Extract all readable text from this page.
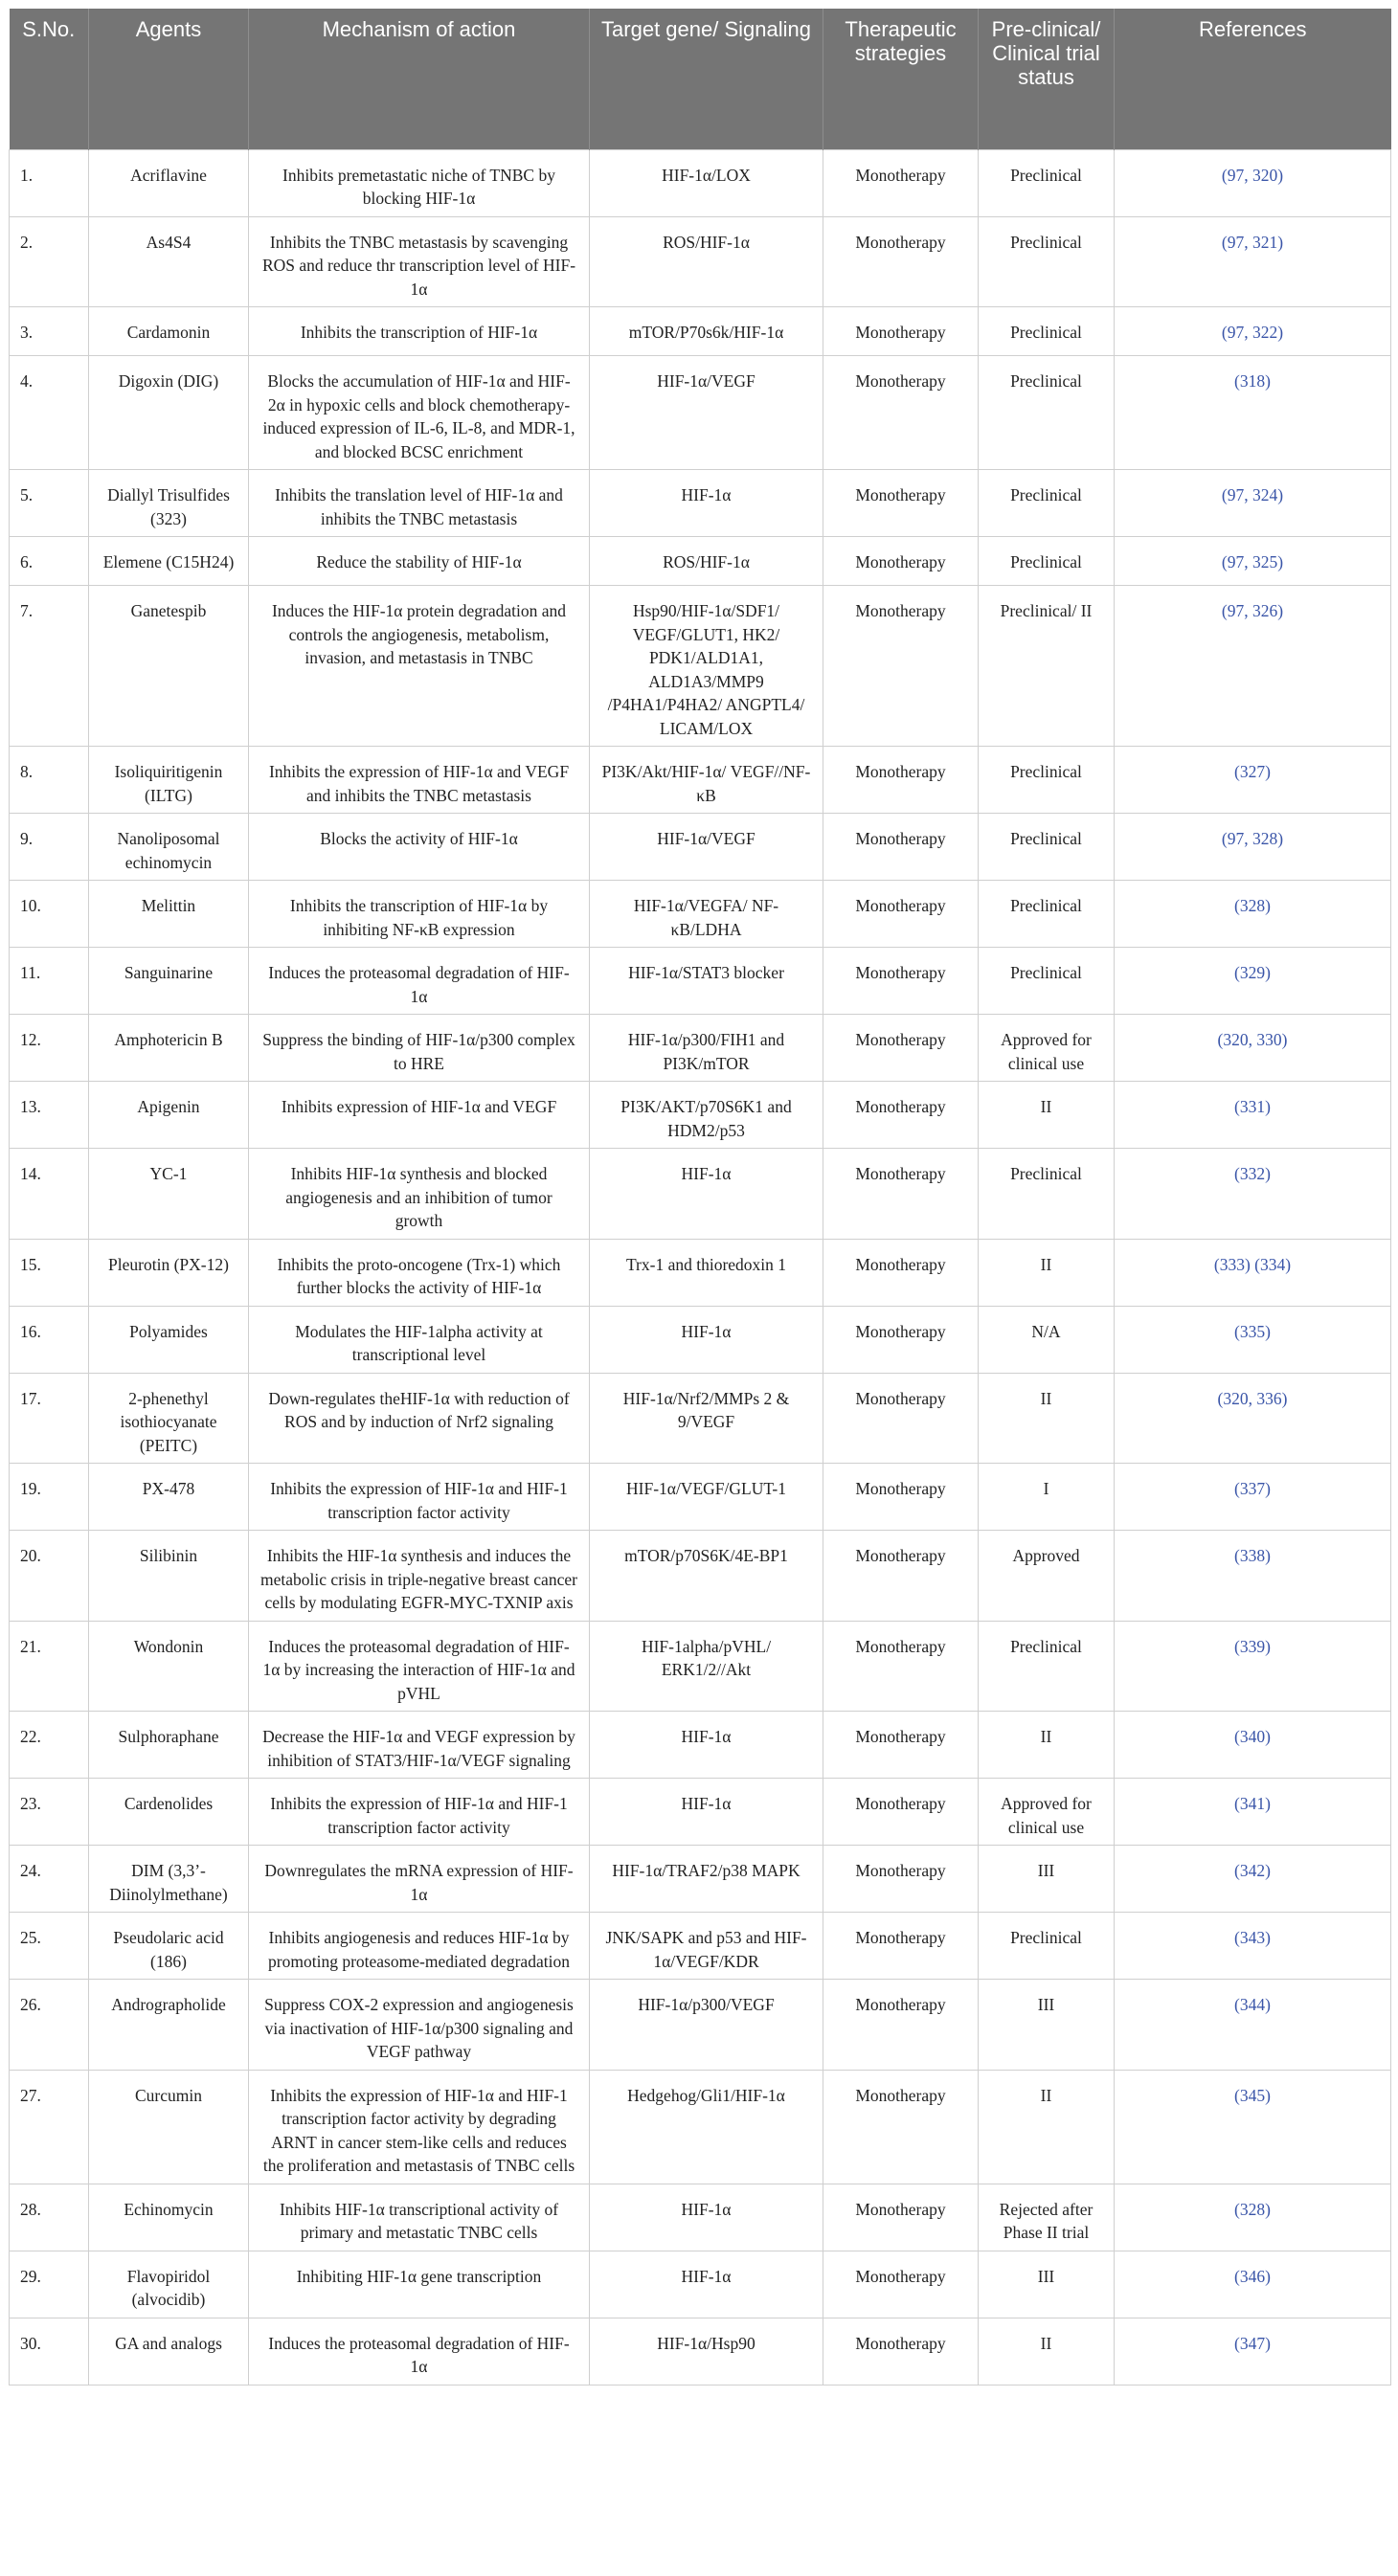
S.No.	Agents	Mechanism of action	Target gene/ Signaling	Therapeutic strategies	Pre-clinical/ Clinical trial status	References
1.	Acriflavine	Inhibits premetastatic niche of TNBC by blocking HIF-1α	HIF-1α/LOX	Monotherapy	Preclinical	(97, 320)
2.	As4S4	Inhibits the TNBC metastasis by scavenging ROS and reduce thr transcription level of HIF-1α	ROS/HIF-1α	Monotherapy	Preclinical	(97, 321)
3.	Cardamonin	Inhibits the transcription of HIF-1α	mTOR/P70s6k/HIF-1α	Monotherapy	Preclinical	(97, 322)
4.	Digoxin (DIG)	Blocks the accumulation of HIF-1α and HIF-2α in hypoxic cells and block chemotherapy-induced expression of IL-6, IL-8, and MDR-1, and blocked BCSC enrichment	HIF-1α/VEGF	Monotherapy	Preclinical	(318)
5.	Diallyl Trisulfides (323)	Inhibits the translation level of HIF-1α and inhibits the TNBC metastasis	HIF-1α	Monotherapy	Preclinical	(97, 324)
6.	Elemene (C15H24)	Reduce the stability of HIF-1α	ROS/HIF-1α	Monotherapy	Preclinical	(97, 325)
7.	Ganetespib	Induces the HIF-1α protein degradation and controls the angiogenesis, metabolism, invasion, and metastasis in TNBC	Hsp90/HIF-1α/SDF1/ VEGF/GLUT1, HK2/ PDK1/ALD1A1, ALD1A3/MMP9 /P4HA1/P4HA2/ ANGPTL4/ LICAM/LOX	Monotherapy	Preclinical/ II	(97, 326)
8.	Isoliquiritigenin (ILTG)	Inhibits the expression of HIF-1α and VEGF and inhibits the TNBC metastasis	PI3K/Akt/HIF-1α/ VEGF//NF-κB	Monotherapy	Preclinical	(327)
9.	Nanoliposomal echinomycin	Blocks the activity of HIF-1α	HIF-1α/VEGF	Monotherapy	Preclinical	(97, 328)
10.	Melittin	Inhibits the transcription of HIF-1α by inhibiting NF-κB expression	HIF-1α/VEGFA/ NF-κB/LDHA	Monotherapy	Preclinical	(328)
11.	Sanguinarine	Induces the proteasomal degradation of HIF-1α	HIF-1α/STAT3 blocker	Monotherapy	Preclinical	(329)
12.	Amphotericin B	Suppress the binding of HIF-1α/p300 complex to HRE	HIF-1α/p300/FIH1 and PI3K/mTOR	Monotherapy	Approved for clinical use	(320, 330)
13.	Apigenin	Inhibits expression of HIF-1α and VEGF	PI3K/AKT/p70S6K1 and HDM2/p53	Monotherapy	II	(331)
14.	YC-1	Inhibits HIF-1α synthesis and blocked angiogenesis and an inhibition of tumor growth	HIF-1α	Monotherapy	Preclinical	(332)
15.	Pleurotin (PX-12)	Inhibits the proto-oncogene (Trx-1) which further blocks the activity of HIF-1α	Trx-1 and thioredoxin 1	Monotherapy	II	(333) (334)
16.	Polyamides	Modulates the HIF-1alpha activity at transcriptional level	HIF-1α	Monotherapy	N/A	(335)
17.	2-phenethyl isothiocyanate (PEITC)	Down-regulates theHIF-1α with reduction of ROS and by induction of Nrf2 signaling	HIF-1α/Nrf2/MMPs 2 & 9/VEGF	Monotherapy	II	(320, 336)
19.	PX-478	Inhibits the expression of HIF-1α and HIF-1 transcription factor activity	HIF-1α/VEGF/GLUT-1	Monotherapy	I	(337)
20.	Silibinin	Inhibits the HIF-1α synthesis and induces the metabolic crisis in triple-negative breast cancer cells by modulating EGFR-MYC-TXNIP axis	mTOR/p70S6K/4E-BP1	Monotherapy	Approved	(338)
21.	Wondonin	Induces the proteasomal degradation of HIF-1α by increasing the interaction of HIF-1α and pVHL	HIF-1alpha/pVHL/ ERK1/2//Akt	Monotherapy	Preclinical	(339)
22.	Sulphoraphane	Decrease the HIF-1α and VEGF expression by inhibition of STAT3/HIF-1α/VEGF signaling	HIF-1α	Monotherapy	II	(340)
23.	Cardenolides	Inhibits the expression of HIF-1α and HIF-1 transcription factor activity	HIF-1α	Monotherapy	Approved for clinical use	(341)
24.	DIM (3,3’-Diinolylmethane)	Downregulates the mRNA expression of HIF-1α	HIF-1α/TRAF2/p38 MAPK	Monotherapy	III	(342)
25.	Pseudolaric acid (186)	Inhibits angiogenesis and reduces HIF-1α by promoting proteasome-mediated degradation	JNK/SAPK and p53 and HIF-1α/VEGF/KDR	Monotherapy	Preclinical	(343)
26.	Andrographolide	Suppress COX-2 expression and angiogenesis via inactivation of HIF-1α/p300 signaling and VEGF pathway	HIF-1α/p300/VEGF	Monotherapy	III	(344)
27.	Curcumin	Inhibits the expression of HIF-1α and HIF-1 transcription factor activity by degrading ARNT in cancer stem-like cells and reduces the proliferation and metastasis of TNBC cells	Hedgehog/Gli1/HIF-1α	Monotherapy	II	(345)
28.	Echinomycin	Inhibits HIF-1α transcriptional activity of primary and metastatic TNBC cells	HIF-1α	Monotherapy	Rejected after Phase II trial	(328)
29.	Flavopiridol (alvocidib)	Inhibiting HIF-1α gene transcription	HIF-1α	Monotherapy	III	(346)
30.	GA and analogs	Induces the proteasomal degradation of HIF-1α	HIF-1α/Hsp90	Monotherapy	II	(347)
